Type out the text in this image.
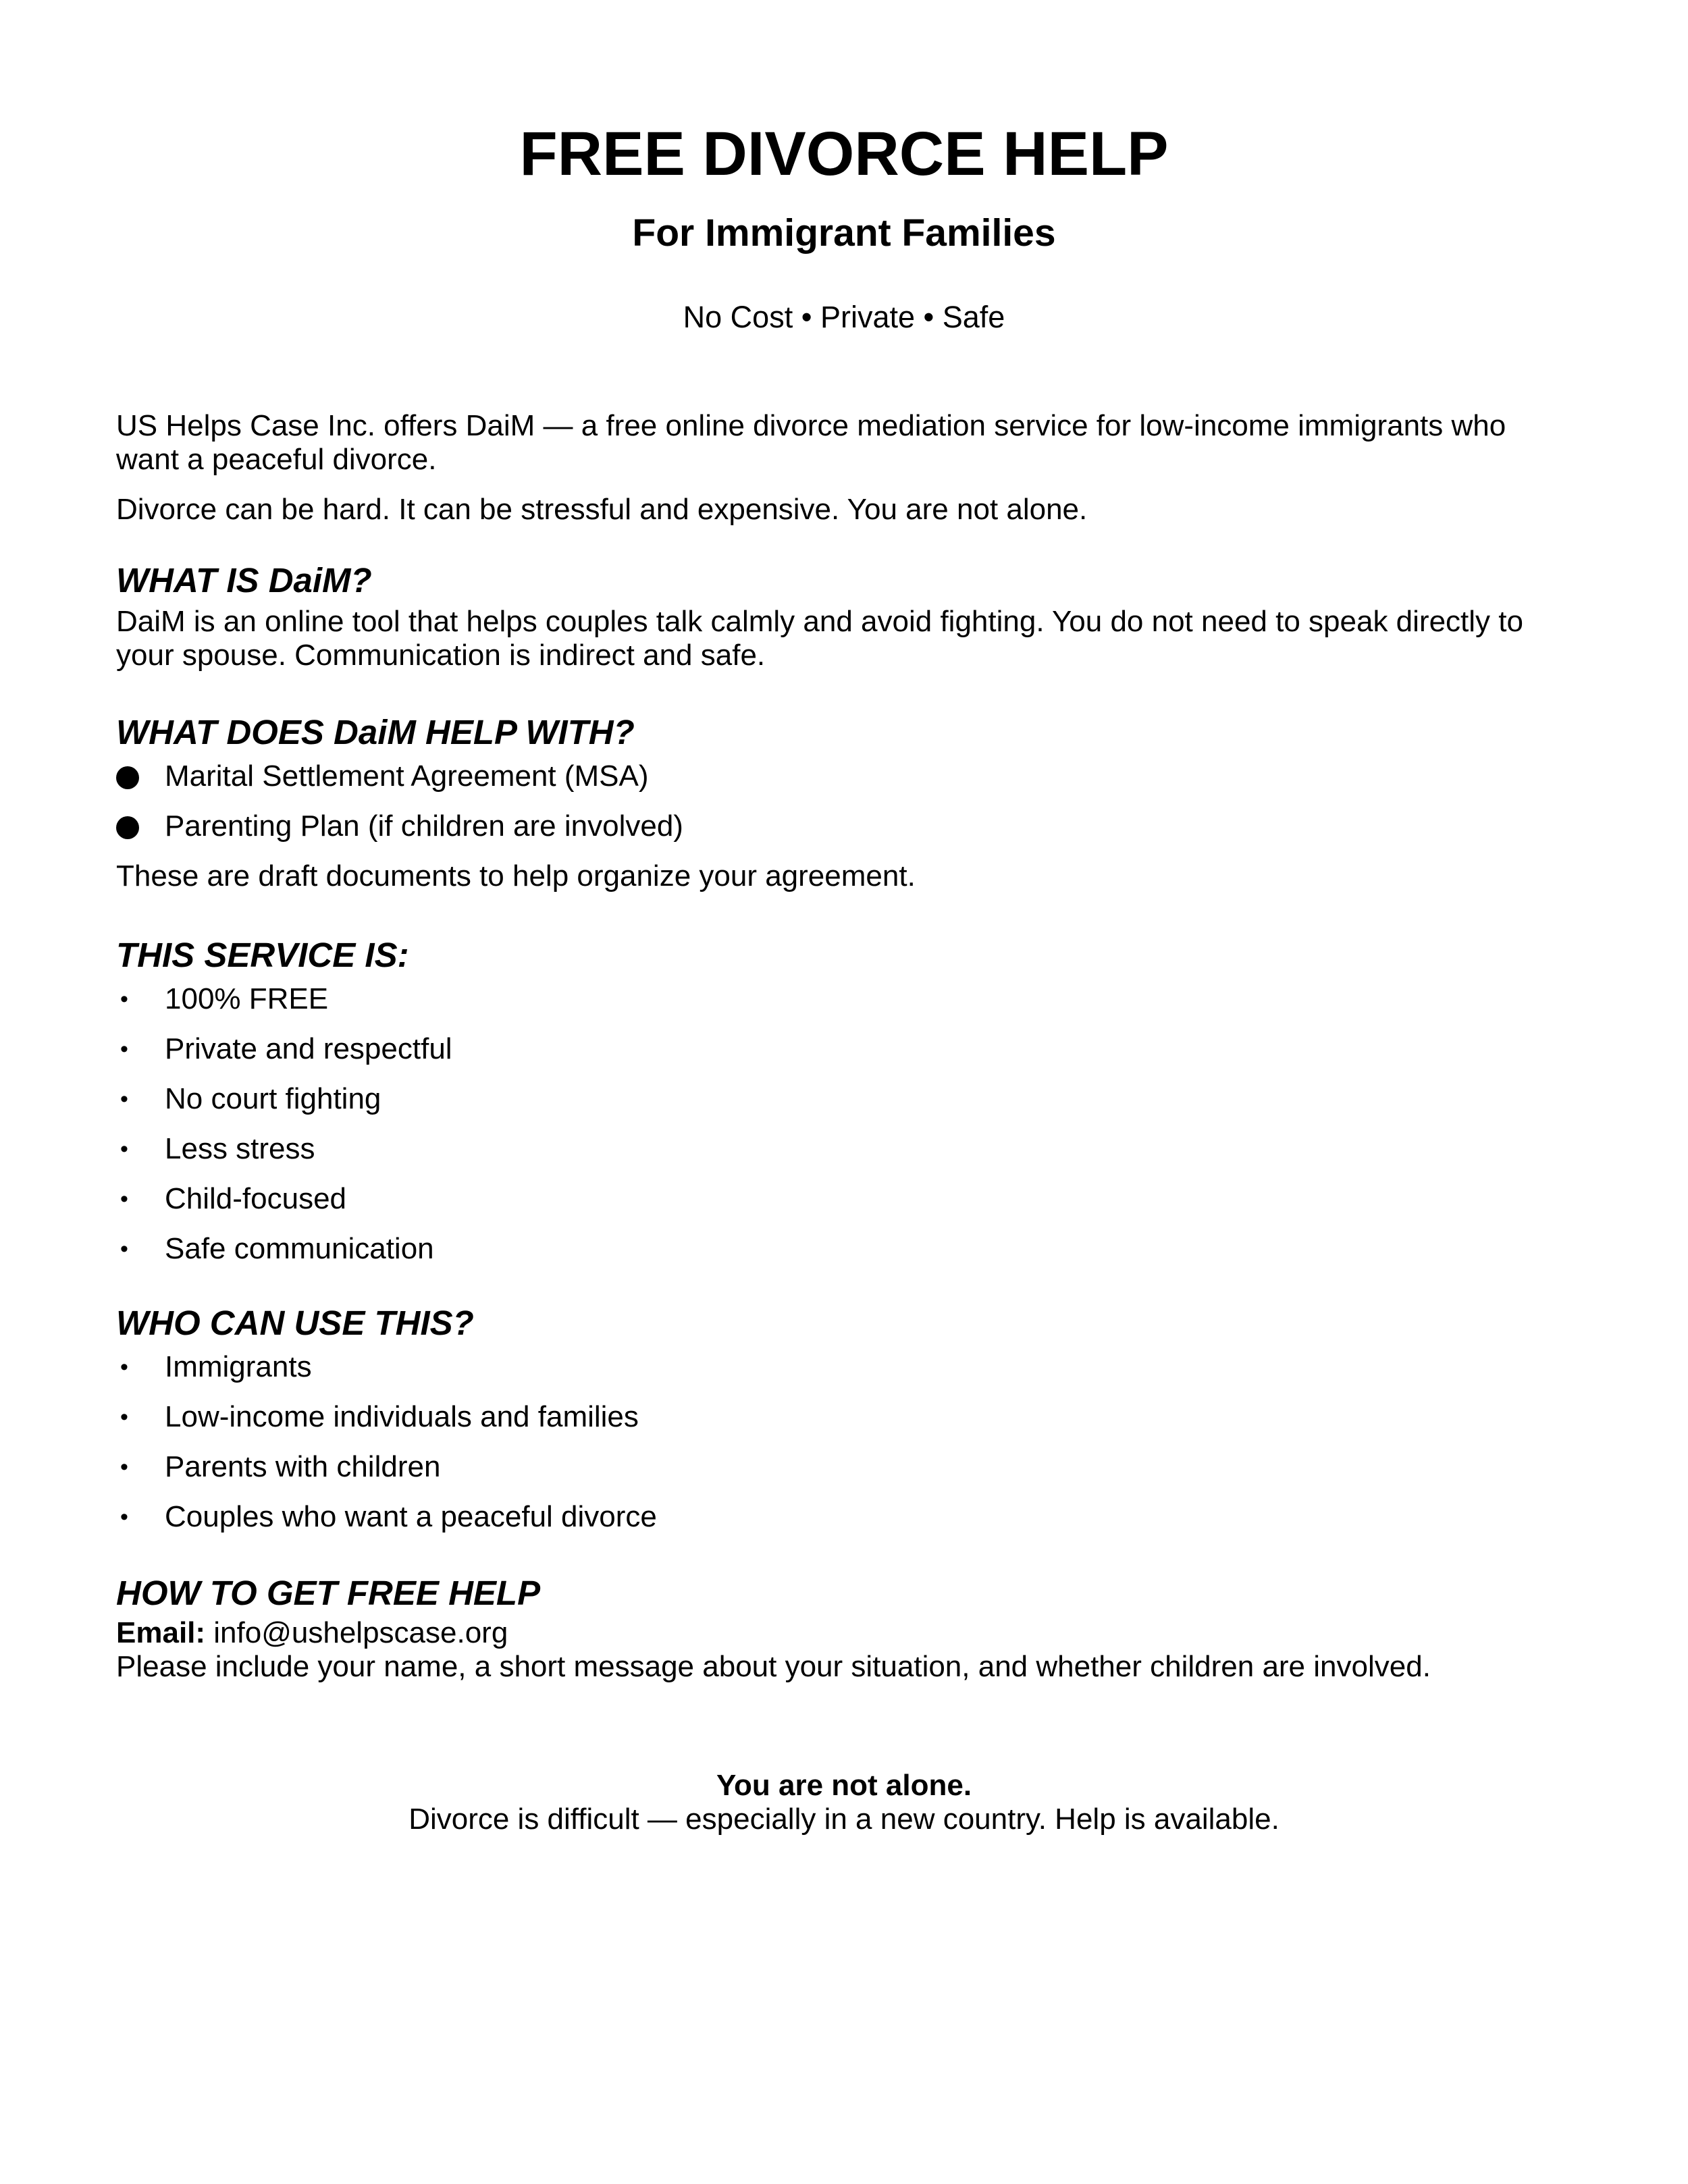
FREE DIVORCE HELP
For Immigrant Families

No Cost • Private • Safe

US Helps Case Inc. offers DaiM — a free online divorce mediation service for low-income immigrants who

want a peaceful divorce.

Divorce can be hard. It can be stressful and expensive. You are not alone.

WHAT IS DaiM?

DaiM is an online tool that helps couples talk calmly and avoid fighting. You do not need to speak directly to

your spouse. Communication is indirect and safe.

WHAT DOES DaiM HELP WITH?
Marital Settlement Agreement (MSA)
Parenting Plan (if children are involved)

These are draft documents to help organize your agreement.

THIS SERVICE IS:
•	100% FREE
•	Private and respectful
•	No court fighting
•	Less stress
•	Child-focused
•	Safe communication
WHO CAN USE THIS?
•	Immigrants
•	Low-income individuals and families
•	Parents with children
•	Couples who want a peaceful divorce
HOW TO GET FREE HELP

Email: info@ushelpscase.org

Please include your name, a short message about your situation, and whether children are involved.

You are not alone.

Divorce is difficult — especially in a new country. Help is available.
